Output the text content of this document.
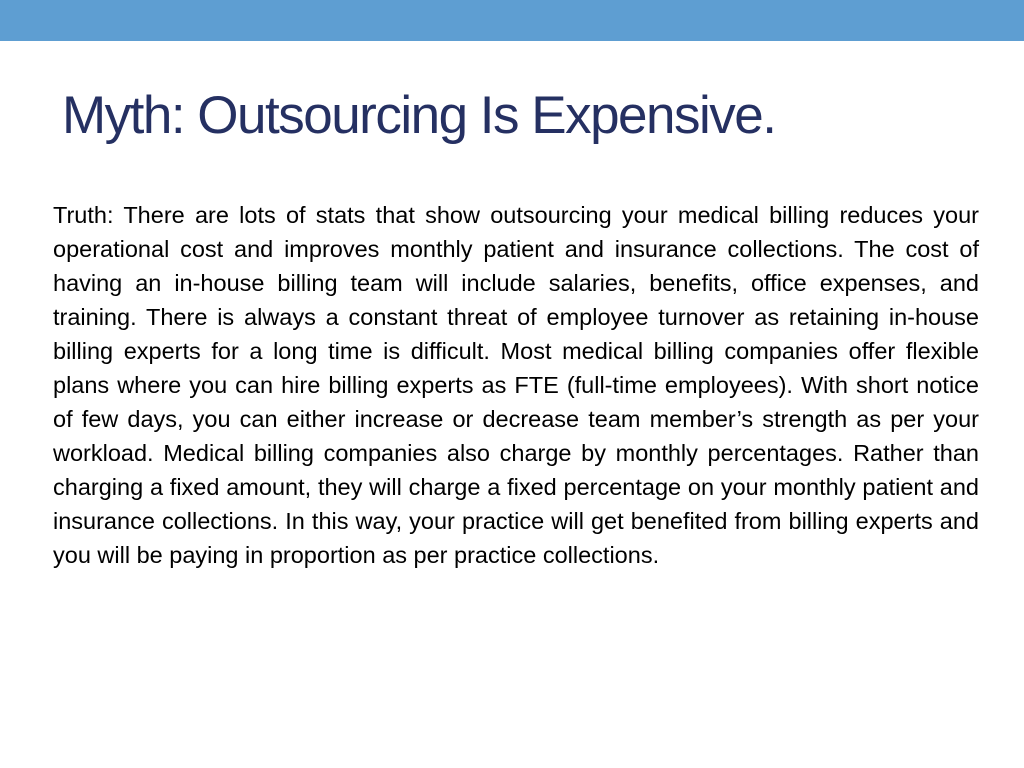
Myth: Outsourcing Is Expensive.

Truth: There are lots of stats that show outsourcing your medical billing reduces your operational cost and improves monthly patient and insurance collections. The cost of having an in-house billing team will include salaries, benefits, office expenses, and training. There is always a constant threat of employee turnover as retaining in-house billing experts for a long time is difficult. Most medical billing companies offer flexible plans where you can hire billing experts as FTE (full-time employees). With short notice of few days, you can either increase or decrease team member’s strength as per your workload. Medical billing companies also charge by monthly percentages. Rather than charging a fixed amount, they will charge a fixed percentage on your monthly patient and insurance collections. In this way, your practice will get benefited from billing experts and you will be paying in proportion as per practice collections.
